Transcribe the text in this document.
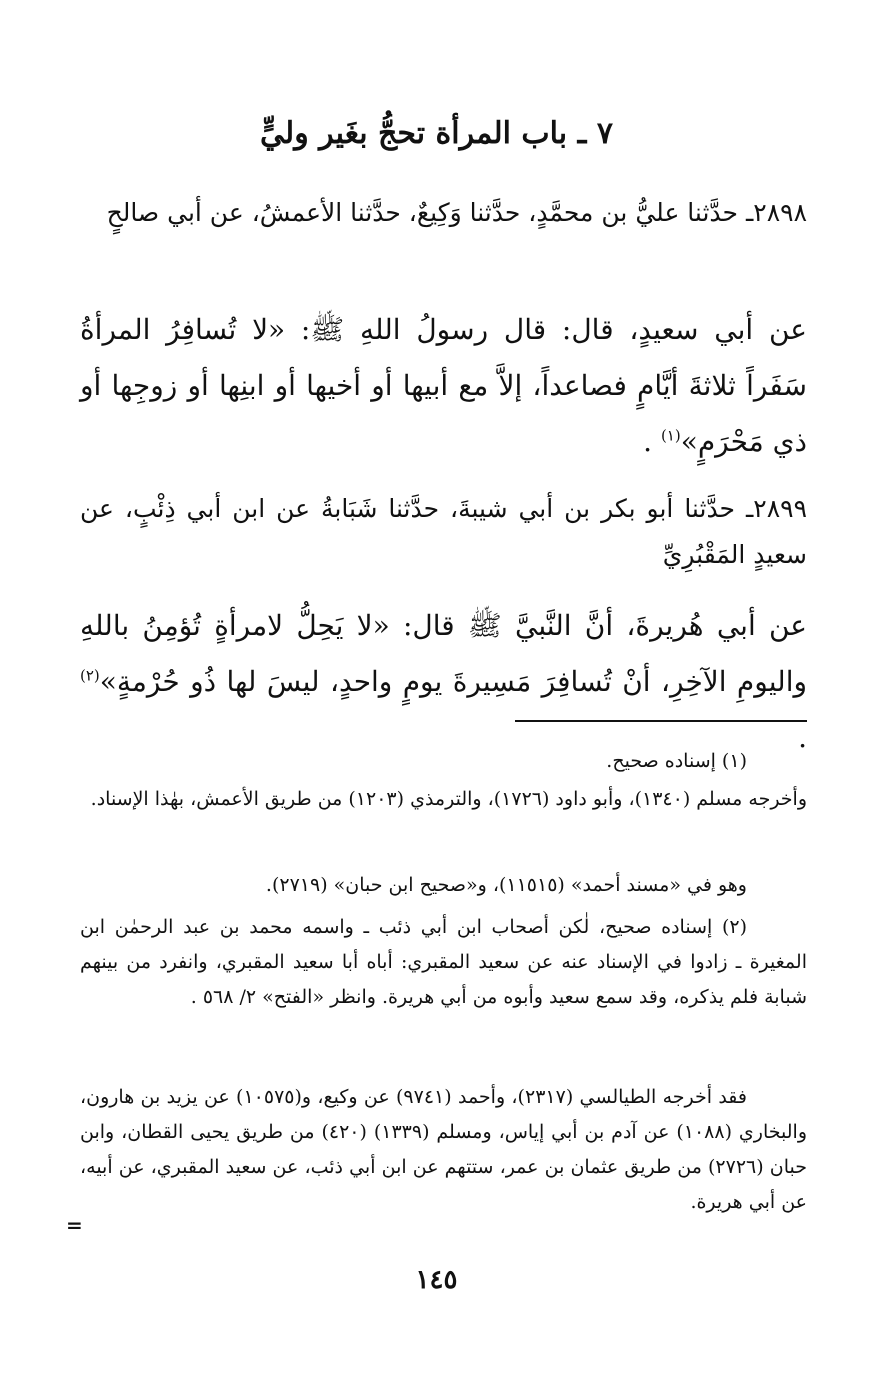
٧ ـ باب المرأة تحجُّ بغَير وليٍّ
٢٨٩٨ـ حدَّثنا عليُّ بن محمَّدٍ، حدَّثنا وَكِيعٌ، حدَّثنا الأعمشُ، عن أبي صالحٍ
عن أبي سعيدٍ، قال: قال رسولُ اللهِ ﷺ: «لا تُسافِرُ المرأةُ سَفَراً ثلاثةَ أيَّامٍ فصاعداً، إلاَّ مع أبيها أو أخيها أو ابنِها أو زوجِها أو ذي مَحْرَمٍ»$^{(١)}$ .
٢٨٩٩ـ حدَّثنا أبو بكر بن أبي شيبةَ، حدَّثنا شَبَابةُ عن ابن أبي ذِئْبٍ، عن سعيدٍ المَقْبُرِيِّ
عن أبي هُريرةَ، أنَّ النَّبيَّ ﷺ قال: «لا يَحِلُّ لامرأةٍ تُؤمِنُ باللهِ واليومِ الآخِرِ، أنْ تُسافِرَ مَسِيرةَ يومٍ واحدٍ، ليسَ لها ذُو حُرْمةٍ»$^{(٢)}$ .
(١) إسناده صحيح.
وأخرجه مسلم (١٣٤٠)، وأبو داود (١٧٢٦)، والترمذي (١٢٠٣) من طريق الأعمش، بهٰذا الإسناد.
وهو في «مسند أحمد» (١١٥١٥)، و«صحيح ابن حبان» (٢٧١٩).
(٢) إسناده صحيح، لٰكن أصحاب ابن أبي ذئب ـ واسمه محمد بن عبد الرحمٰن ابن المغيرة ـ زادوا في الإسناد عنه عن سعيد المقبري: أباه أبا سعيد المقبري، وانفرد من بينهم شبابة فلم يذكره، وقد سمع سعيد وأبوه من أبي هريرة. وانظر «الفتح» ٢/ ٥٦٨ .
فقد أخرجه الطيالسي (٢٣١٧)، وأحمد (٩٧٤١) عن وكيع، و(١٠٥٧٥) عن يزيد بن هارون، والبخاري (١٠٨٨) عن آدم بن أبي إياس، ومسلم (١٣٣٩) (٤٢٠) من طريق يحيى القطان، وابن حبان (٢٧٢٦) من طريق عثمان بن عمر، ستتهم عن ابن أبي ذئب، عن سعيد المقبري، عن أبيه، عن أبي هريرة.
=
١٤٥
